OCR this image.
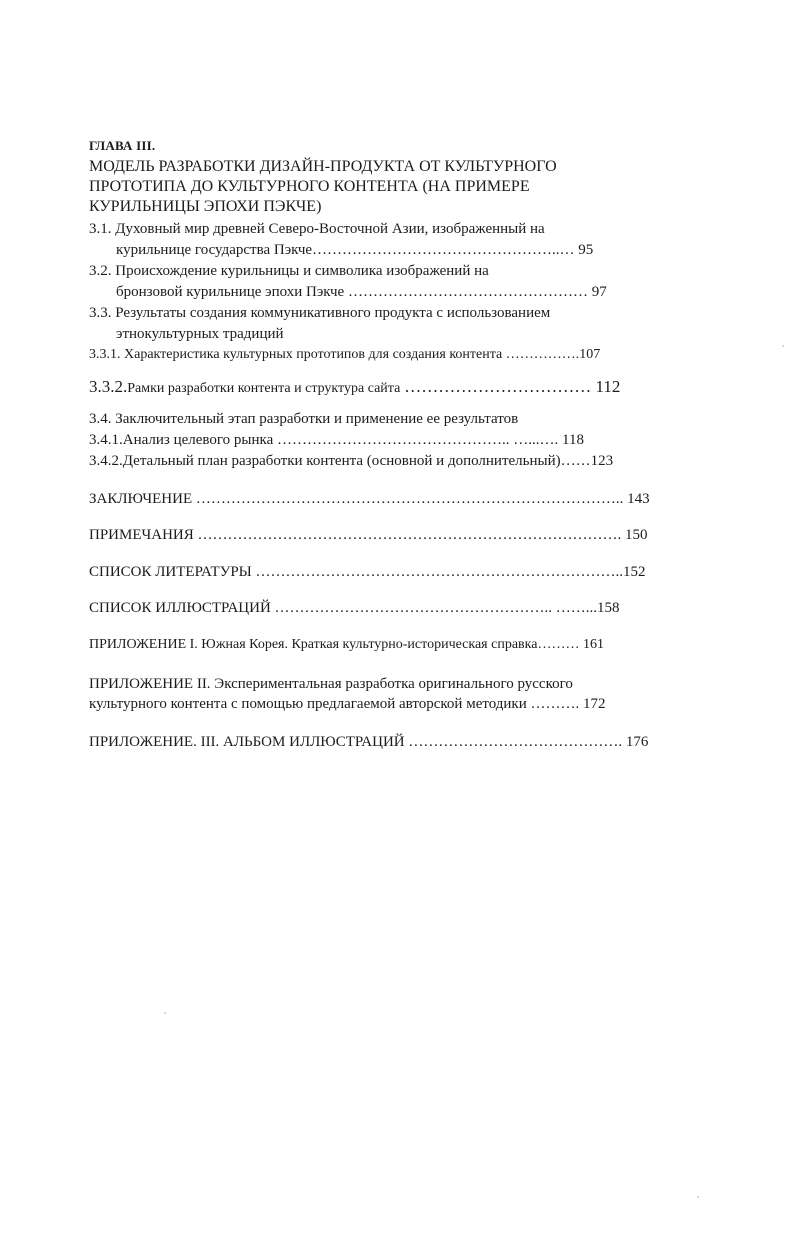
ГЛАВА III.
МОДЕЛЬ РАЗРАБОТКИ ДИЗАЙН-ПРОДУКТА ОТ КУЛЬТУРНОГО
ПРОТОТИПА ДО КУЛЬТУРНОГО КОНТЕНТА (НА ПРИМЕРЕ
КУРИЛЬНИЦЫ ЭПОХИ ПЭКЧЕ)
3.1. Духовный мир древней Северо-Восточной Азии, изображенный на
курильнице государства Пэкче…………………………………………..… 95
3.2. Происхождение курильницы и символика изображений на
бронзовой курильнице эпохи Пэкче ………………………………………… 97
3.3. Результаты создания коммуникативного продукта с использованием
этнокультурных традиций
3.3.1. Характеристика культурных прототипов для создания контента …………….107
3.3.2.Рамки разработки контента и структура сайта …………………………… 112
3.4. Заключительный этап разработки и применение ее результатов
3.4.1.Анализ целевого рынка ……………………………………….. …...…. 118
3.4.2.Детальный план разработки контента (основной и дополнительный)……123
ЗАКЛЮЧЕНИЕ ………………………………………………………………………….. 143
ПРИМЕЧАНИЯ …………………………………………………………………………. 150
СПИСОК ЛИТЕРАТУРЫ ………………………………………………………………..152
СПИСОК ИЛЛЮСТРАЦИЙ ……………………………………………….. ……...158
ПРИЛОЖЕНИЕ I. Южная Корея. Краткая культурно-историческая справка……… 161
ПРИЛОЖЕНИЕ II. Экспериментальная разработка оригинального русского
культурного контента с помощью предлагаемой авторской методики ………. 172
ПРИЛОЖЕНИЕ. III. АЛЬБОМ ИЛЛЮСТРАЦИЙ ……………………………………. 176
